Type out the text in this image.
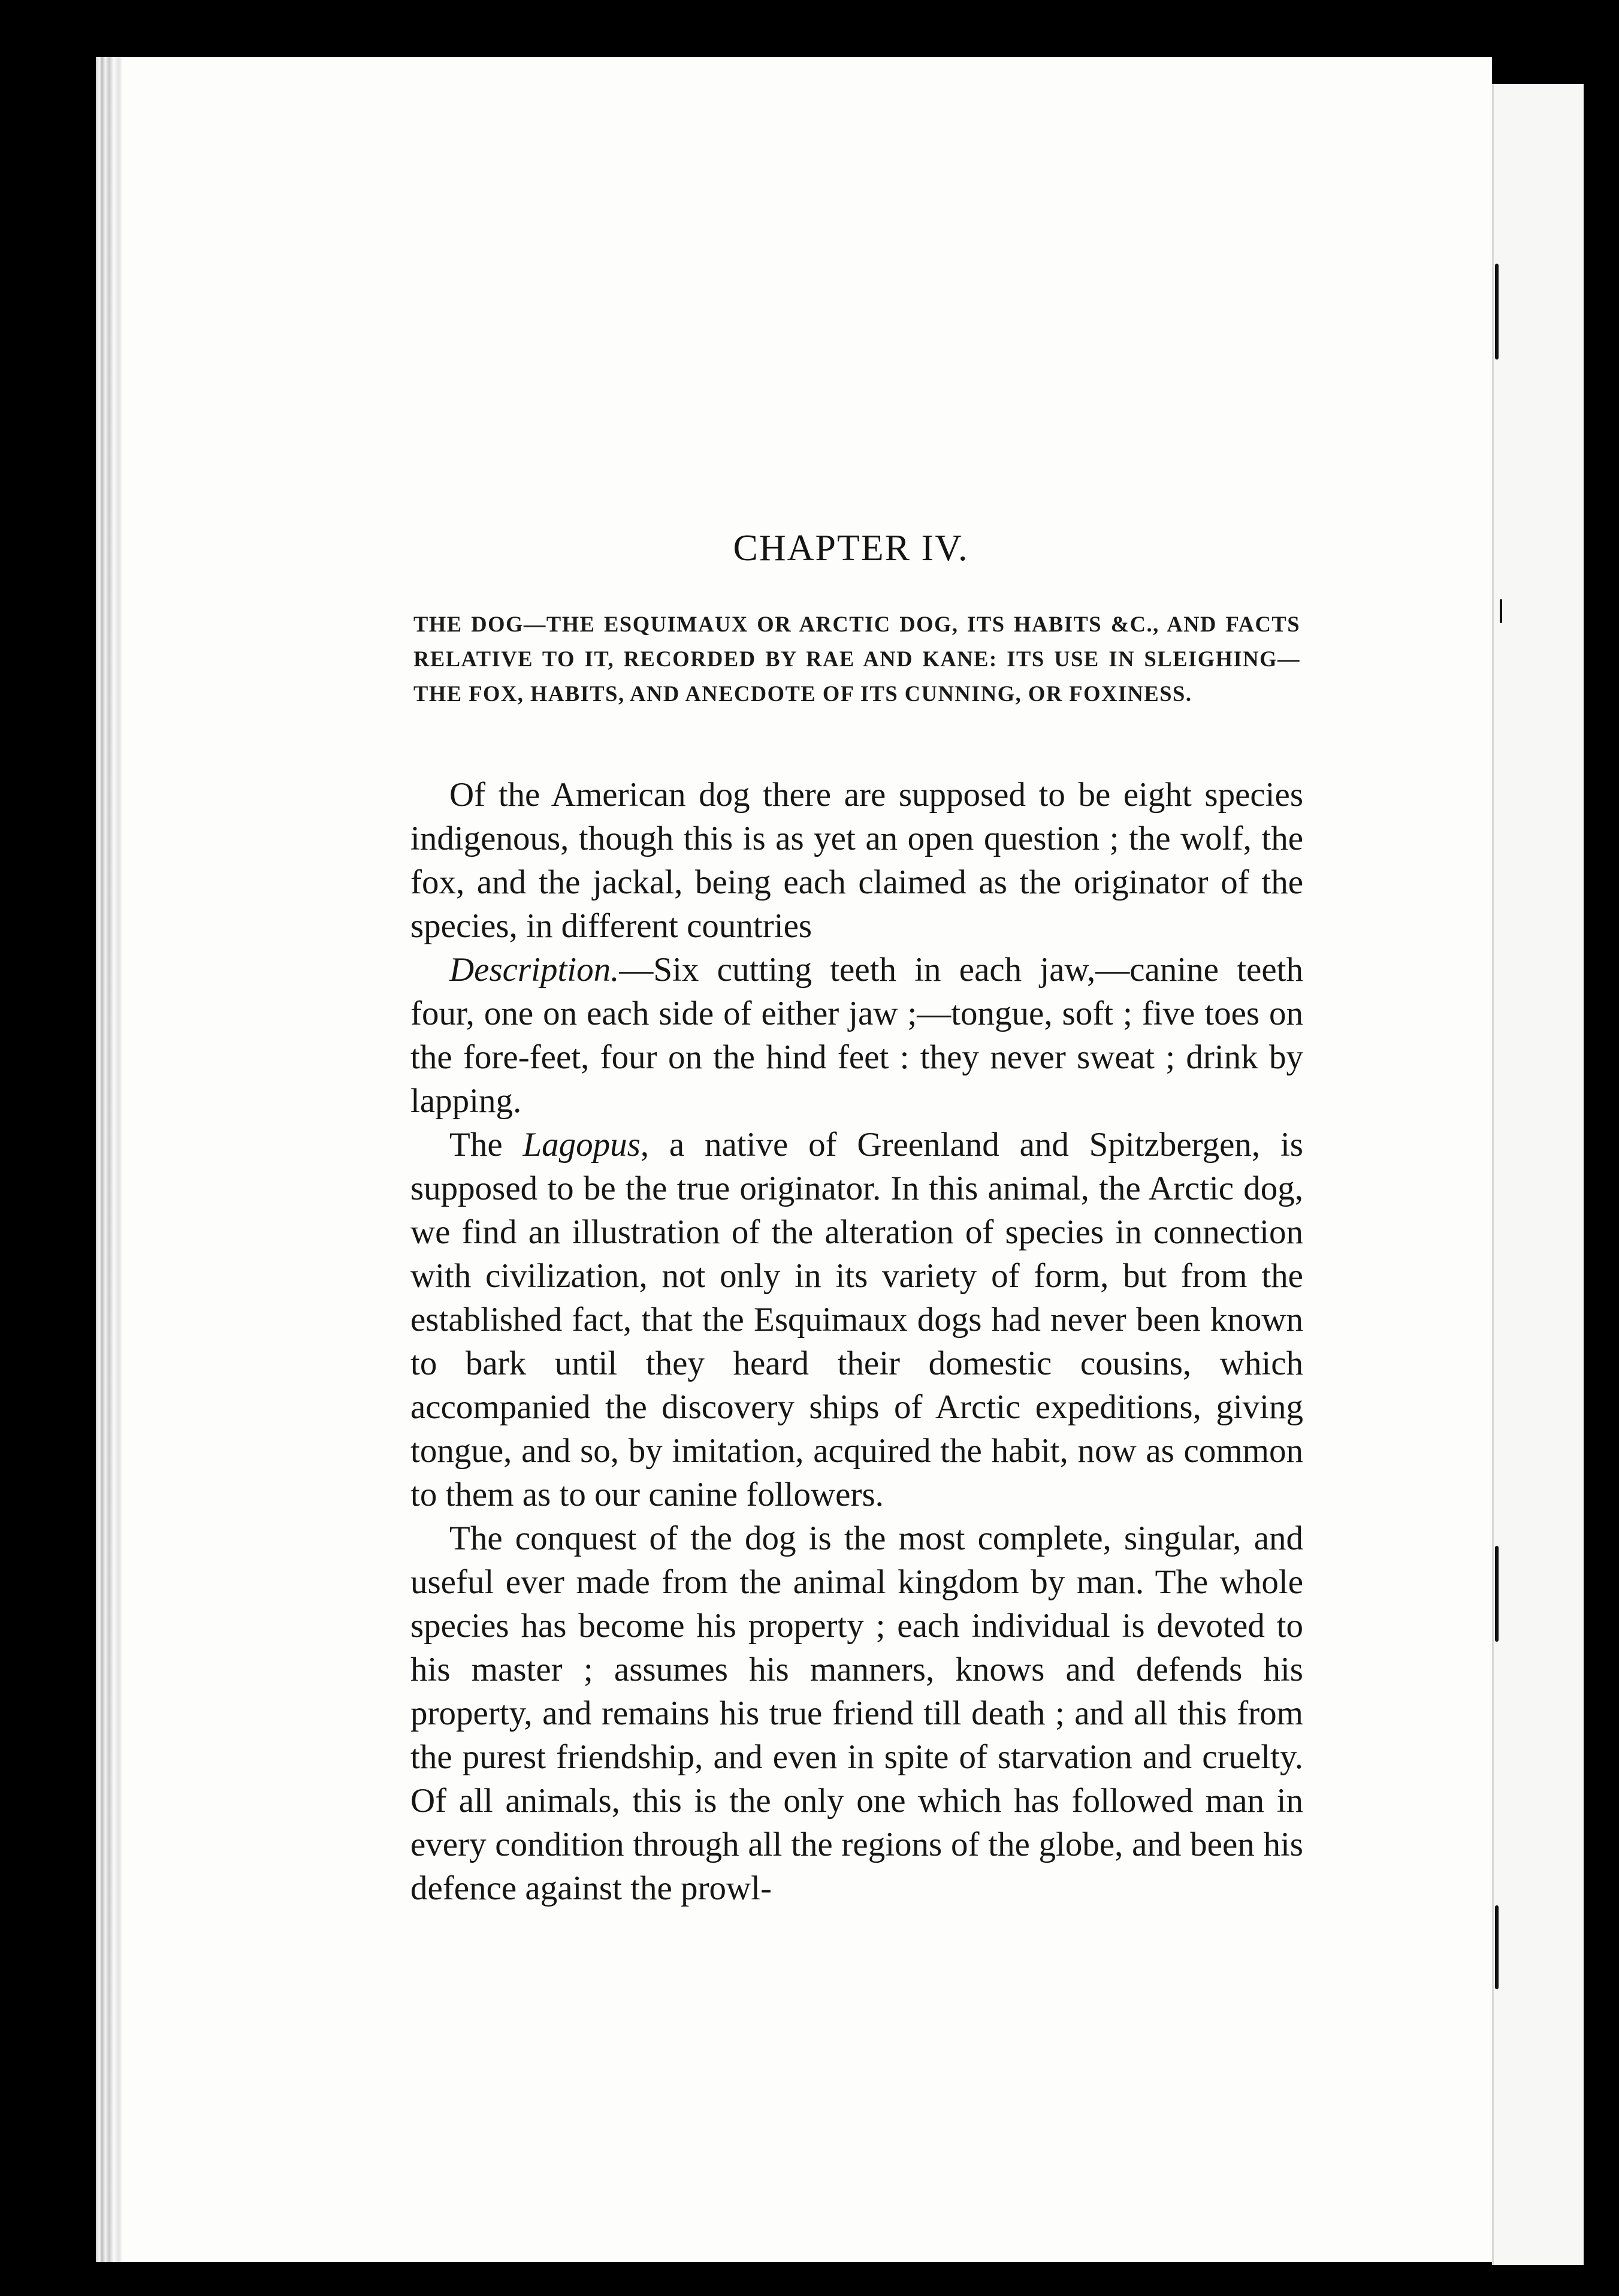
CHAPTER IV.

THE DOG—THE ESQUIMAUX OR ARCTIC DOG, ITS HABITS &C., AND FACTS RELATIVE TO IT, RECORDED BY RAE AND KANE: ITS USE IN SLEIGHING—THE FOX, HABITS, AND ANECDOTE OF ITS CUNNING, OR FOXINESS.

Of the American dog there are supposed to be eight species indigenous, though this is as yet an open question ; the wolf, the fox, and the jackal, being each claimed as the originator of the species, in different countries

Description.—Six cutting teeth in each jaw,—canine teeth four, one on each side of either jaw ;—tongue, soft ; five toes on the fore-feet, four on the hind feet : they never sweat ; drink by lapping.

The Lagopus, a native of Greenland and Spitzbergen, is supposed to be the true originator. In this animal, the Arctic dog, we find an illustration of the alteration of species in connection with civilization, not only in its variety of form, but from the established fact, that the Esquimaux dogs had never been known to bark until they heard their domestic cousins, which accompanied the discovery ships of Arctic expeditions, giving tongue, and so, by imitation, acquired the habit, now as common to them as to our canine followers.

The conquest of the dog is the most complete, singular, and useful ever made from the animal kingdom by man. The whole species has become his property ; each individual is devoted to his master ; assumes his manners, knows and defends his property, and remains his true friend till death ; and all this from the purest friendship, and even in spite of starvation and cruelty. Of all animals, this is the only one which has followed man in every condition through all the regions of the globe, and been his defence against the prowl-
